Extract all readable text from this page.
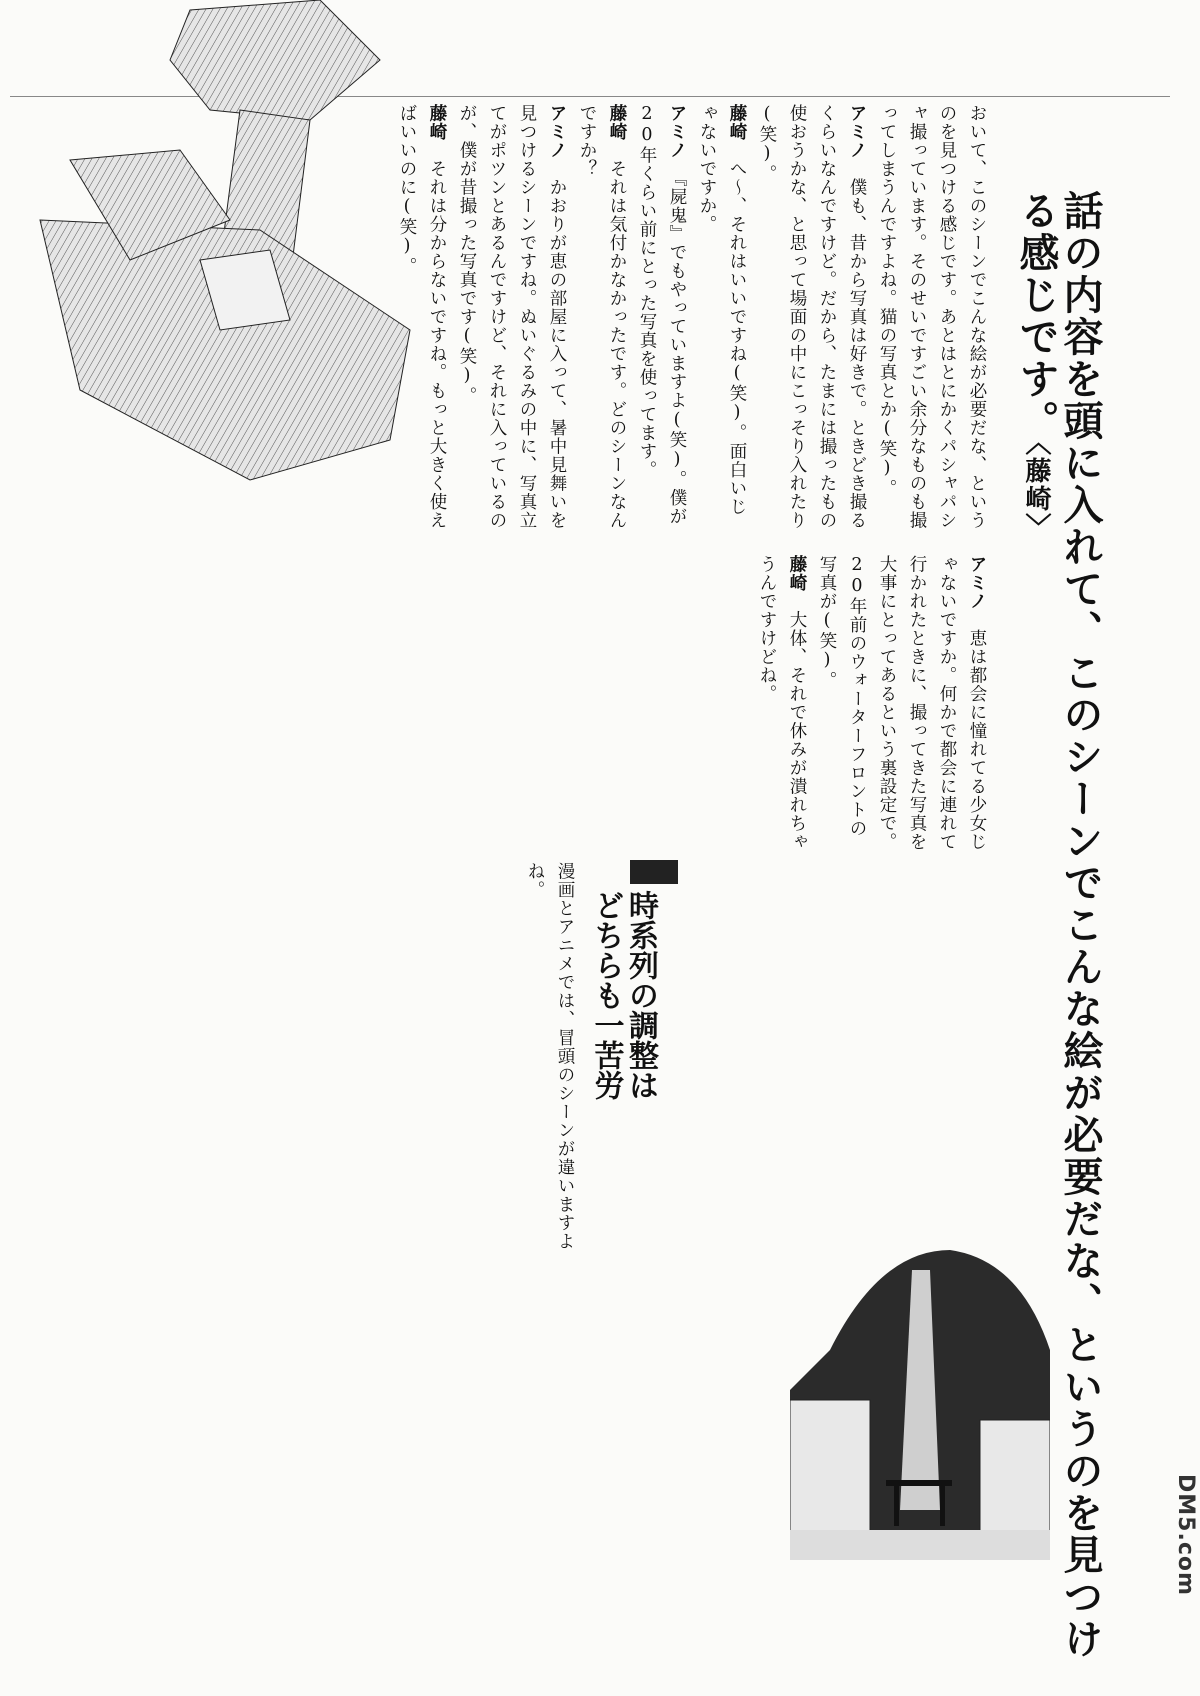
話の内容を頭に入れて、このシーンでこんな絵が必要だな、というのを見つける感じです。〈藤崎〉
おいて、このシーンでこんな絵が必要だな、というのを見つける感じです。あとはとにかくパシャパシャ撮っています。そのせいですごい余分なものも撮ってしまうんですよね。猫の写真とか(笑)。
アミノ　僕も、昔から写真は好きで。ときどき撮るくらいなんですけど。だから、たまには撮ったもの使おうかな、と思って場面の中にこっそり入れたり(笑)。
藤崎　へ〜、それはいいですね(笑)。面白いじゃないですか。
アミノ　『屍鬼』でもやっていますよ(笑)。僕が20年くらい前にとった写真を使ってます。
藤崎　それは気付かなかったです。どのシーンなんですか？
アミノ　かおりが恵の部屋に入って、暑中見舞いを見つけるシーンですね。ぬいぐるみの中に、写真立てがポツンとあるんですけど、それに入っているのが、僕が昔撮った写真です(笑)。
藤崎　それは分からないですね。もっと大きく使えばいいのに(笑)。
アミノ　恵は都会に憧れてる少女じゃないですか。何かで都会に連れて行かれたときに、撮ってきた写真を大事にとってあるという裏設定で。20年前のウォーターフロントの写真が(笑)。
藤崎　大体、それで休みが潰れちゃうんですけどね。
時系列の調整は
どちらも一苦労
漫画とアニメでは、冒頭のシーンが違いますよね。
DM5.com
